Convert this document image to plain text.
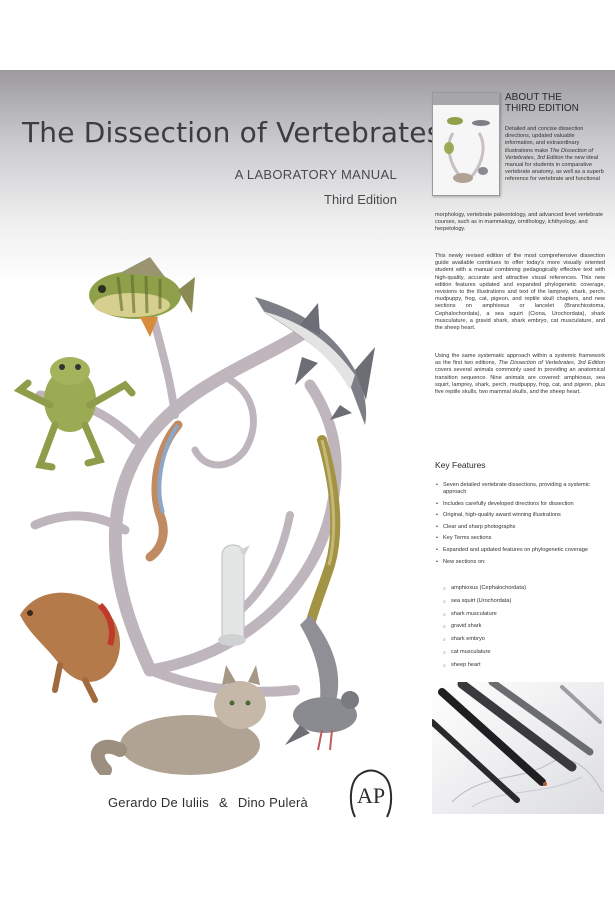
The Dissection of Vertebrates
A LABORATORY MANUAL
Third Edition
Gerardo De Iuliis & Dino Pulerà AP
ABOUT THE
THIRD EDITION
Detailed and concise dissection directions, updated valuable information, and extraordinary illustrations make The Dissection of Vertebrates, 3rd Edition the new ideal manual for students in comparative vertebrate anatomy, as well as a superb reference for vertebrate and functional
morphology, vertebrate paleontology, and advanced level vertebrate courses, such as in mammalogy, ornithology, ichthyology, and herpetology.
This newly revised edition of the most comprehensive dissection guide available continues to offer today's more visually oriented student with a manual combining pedagogically effective text with high-quality, accurate and attractive visual references. This new edition features updated and expanded phylogenetic coverage, revisions to the illustrations and text of the lamprey, shark, perch, mudpuppy, frog, cat, pigeon, and reptile skull chapters, and new sections on amphioxus or lancelet (Branchiostoma, Cephalochordata), a sea squirt (Ciona, Urochordata), shark musculature, a gravid shark, shark embryo, cat musculature, and the sheep heart.
Using the same systematic approach within a systemic framework as the first two editions, The Dissection of Vertebrates, 3rd Edition covers several animals commonly used in providing an anatomical transition sequence. Nine animals are covered: amphioxus, sea squirt, lamprey, shark, perch, mudpuppy, frog, cat, and pigeon, plus five reptile skulls, two mammal skulls, and the sheep heart.
Key Features
• Seven detailed vertebrate dissections, providing a systemic approach
• Includes carefully developed directions for dissection
• Original, high-quality award winning illustrations
• Clear and sharp photographs
• Key Terms sections
• Expanded and updated features on phylogenetic coverage
• New sections on:
○ amphioxus (Cephalochordata)
○ sea squirt (Urochordata)
○ shark musculature
○ gravid shark
○ shark embryo
○ cat musculature
○ sheep heart
